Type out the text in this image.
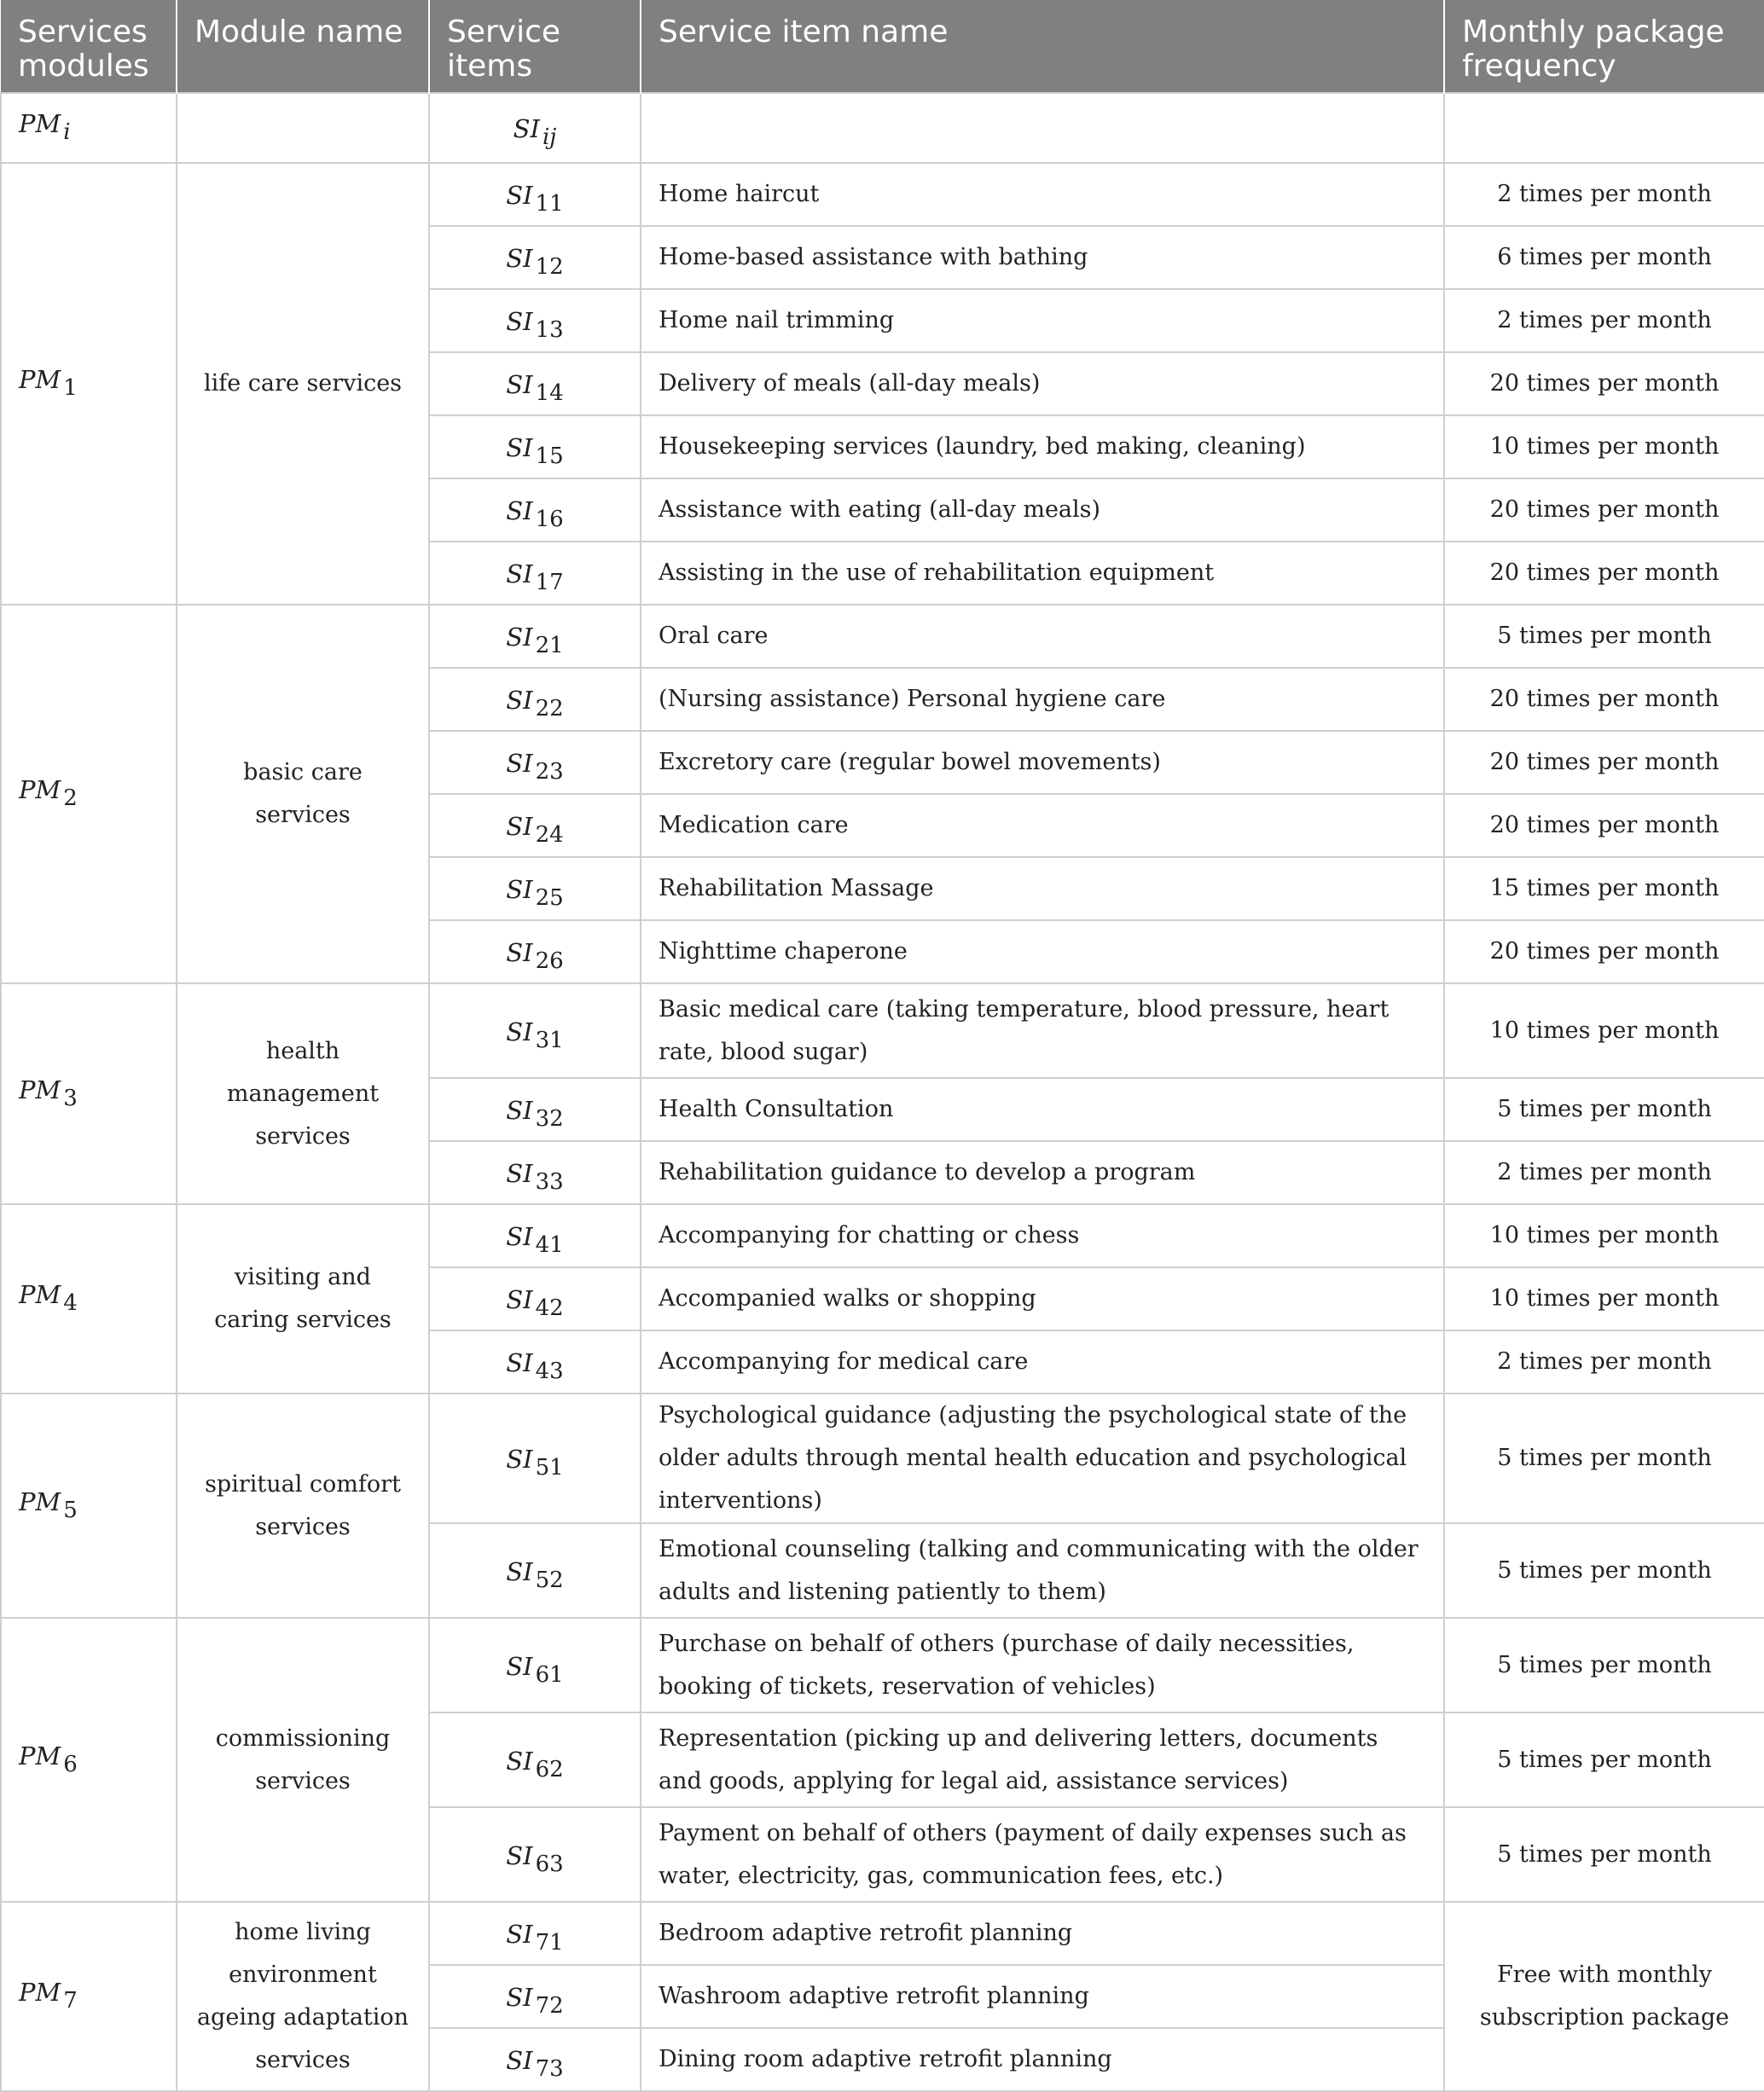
Services modules	Module name	Service items	Service item name	Monthly package frequency
PM i		SI ij		
PM 1	life care services	SI 11	Home haircut	2 times per month
		SI 12	Home-based assistance with bathing	6 times per month
		SI 13	Home nail trimming	2 times per month
		SI 14	Delivery of meals (all-day meals)	20 times per month
		SI 15	Housekeeping services (laundry, bed making, cleaning)	10 times per month
		SI 16	Assistance with eating (all-day meals)	20 times per month
		SI 17	Assisting in the use of rehabilitation equipment	20 times per month
PM 2	basic care services	SI 21	Oral care	5 times per month
		SI 22	(Nursing assistance) Personal hygiene care	20 times per month
		SI 23	Excretory care (regular bowel movements)	20 times per month
		SI 24	Medication care	20 times per month
		SI 25	Rehabilitation Massage	15 times per month
		SI 26	Nighttime chaperone	20 times per month
PM 3	health management services	SI 31	Basic medical care (taking temperature, blood pressure, heart rate, blood sugar)	10 times per month
		SI 32	Health Consultation	5 times per month
		SI 33	Rehabilitation guidance to develop a program	2 times per month
PM 4	visiting and caring services	SI 41	Accompanying for chatting or chess	10 times per month
		SI 42	Accompanied walks or shopping	10 times per month
		SI 43	Accompanying for medical care	2 times per month
PM 5	spiritual comfort services	SI 51	Psychological guidance (adjusting the psychological state of the older adults through mental health education and psychological interventions)	5 times per month
		SI 52	Emotional counseling (talking and communicating with the older adults and listening patiently to them)	5 times per month
PM 6	commissioning services	SI 61	Purchase on behalf of others (purchase of daily necessities, booking of tickets, reservation of vehicles)	5 times per month
		SI 62	Representation (picking up and delivering letters, documents and goods, applying for legal aid, assistance services)	5 times per month
		SI 63	Payment on behalf of others (payment of daily expenses such as water, electricity, gas, communication fees, etc.)	5 times per month
PM 7	home living environment ageing adaptation services	SI 71	Bedroom adaptive retrofit planning	Free with monthly subscription package
		SI 72	Washroom adaptive retrofit planning	
		SI 73	Dining room adaptive retrofit planning	
